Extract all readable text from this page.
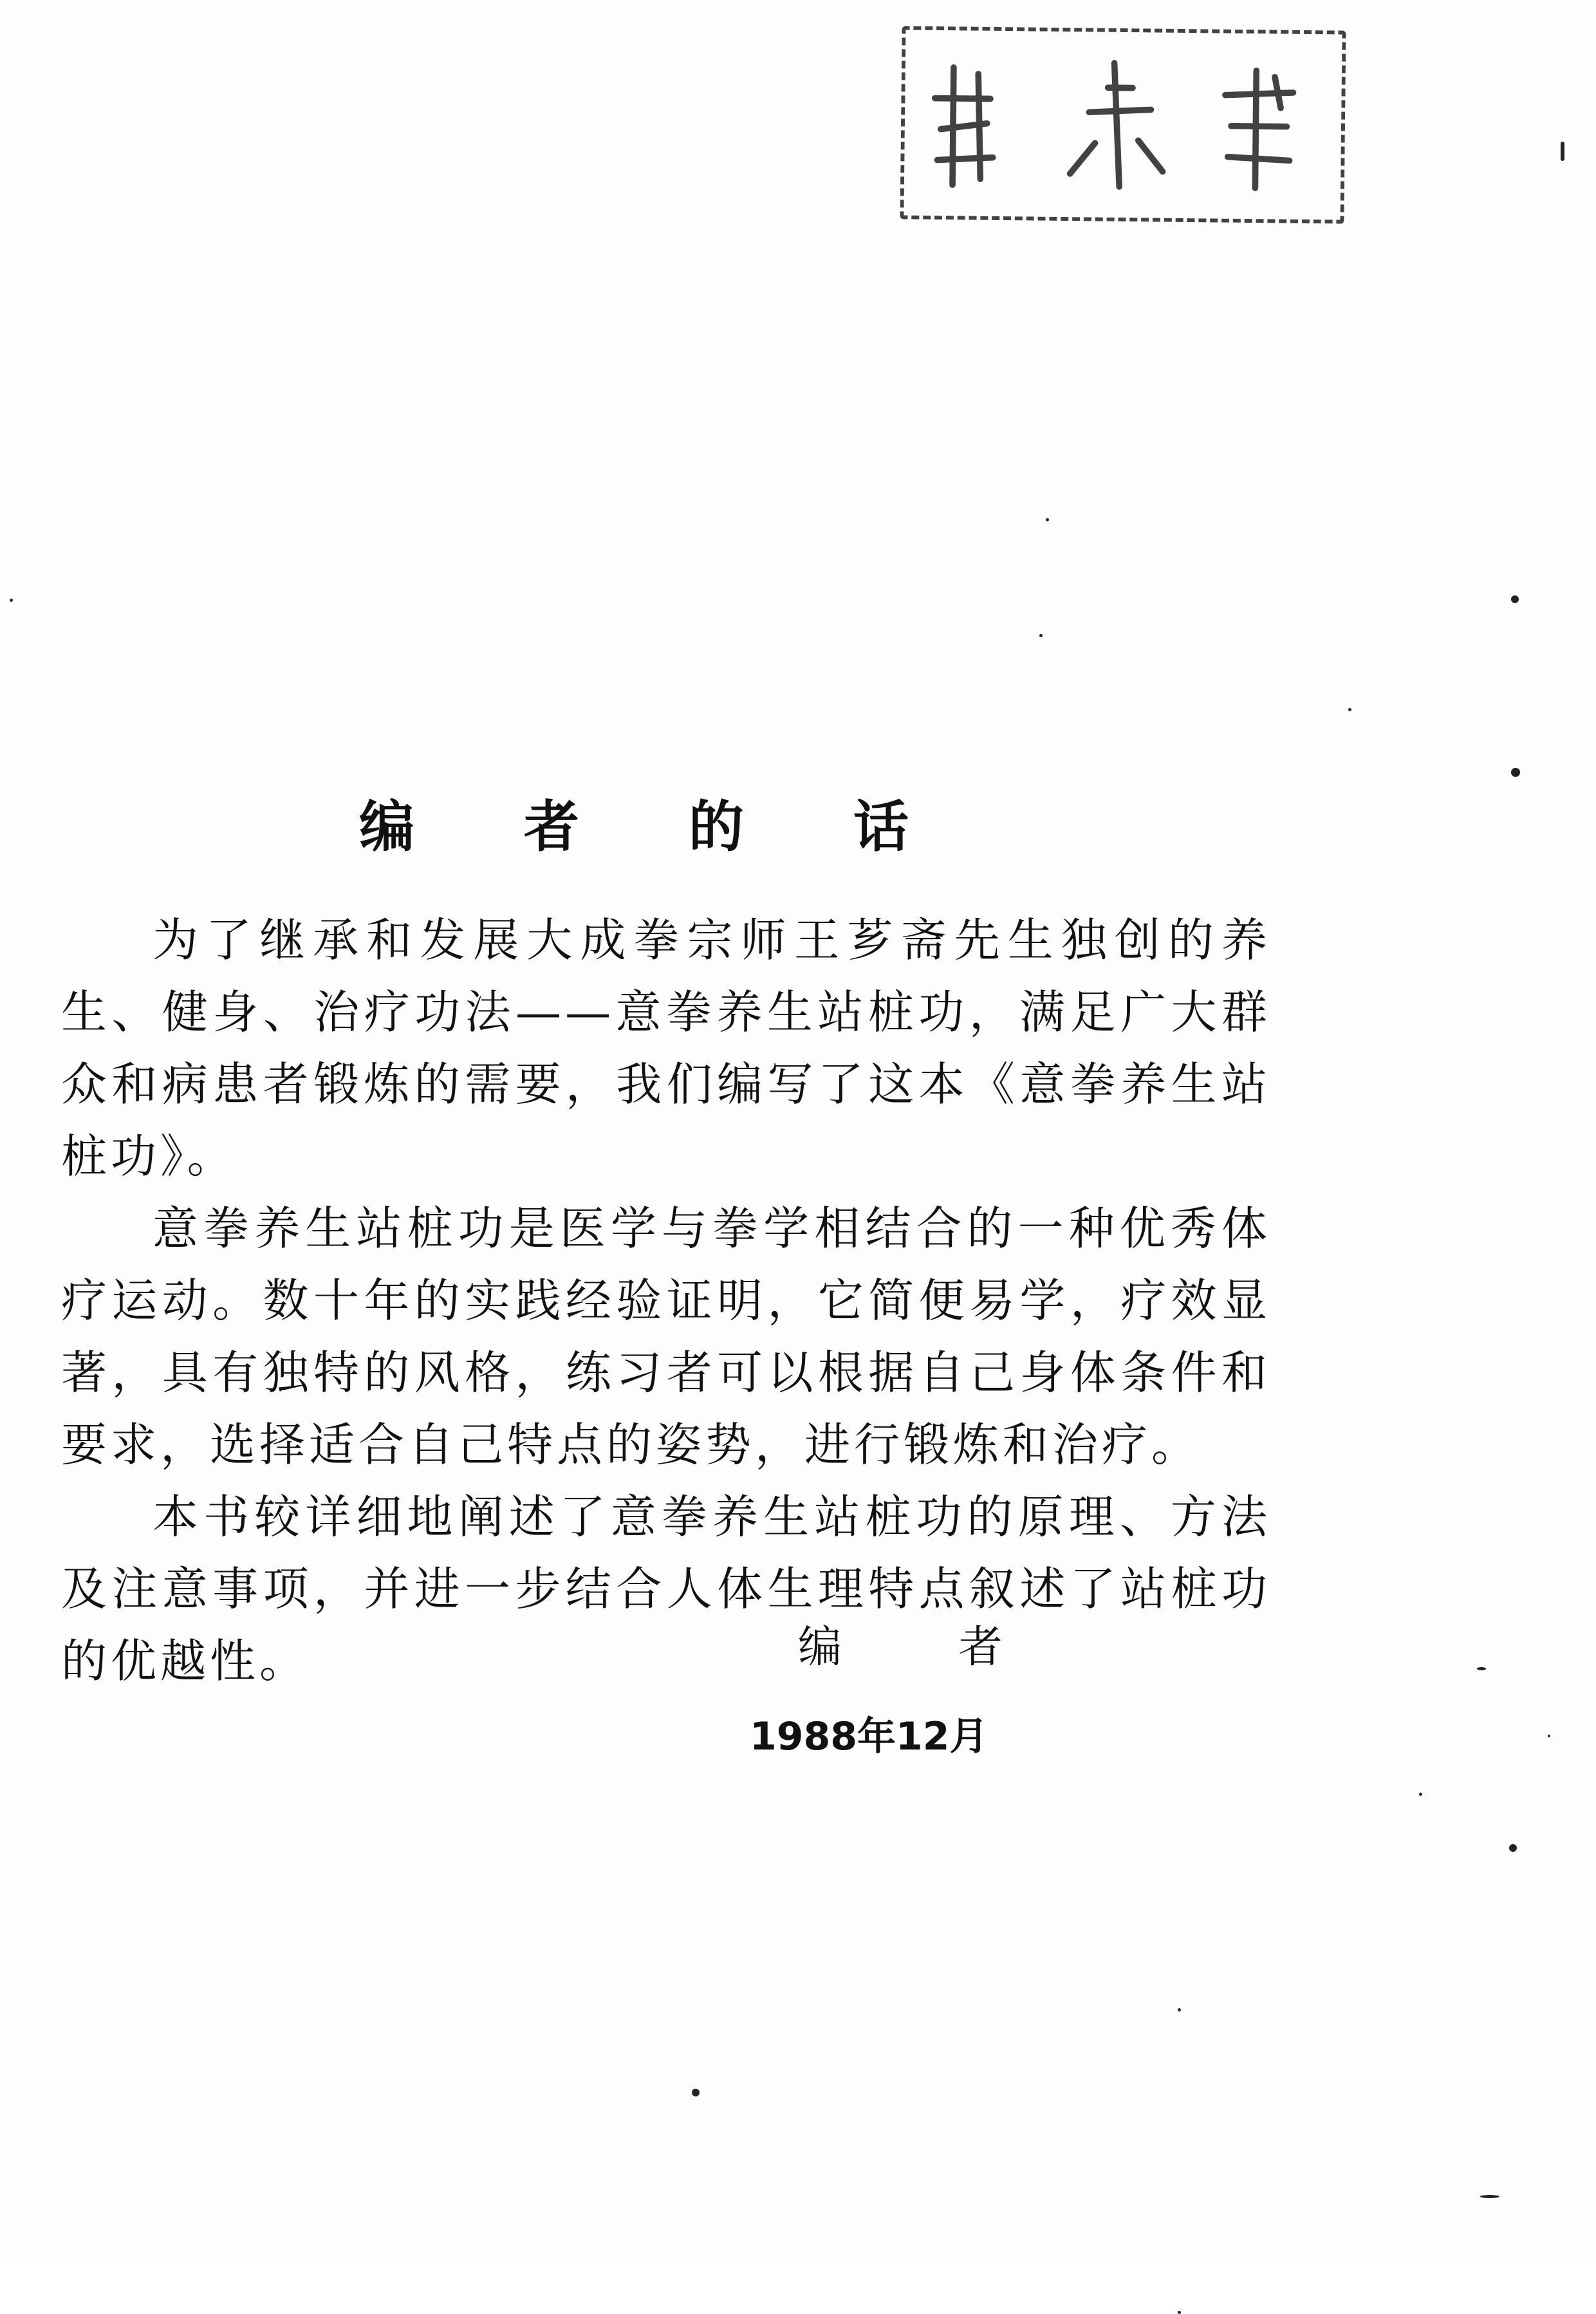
编 者 的 话

为了继承和发展大成拳宗师王芗斋先生独创的养生、健身、治疗功法——意拳养生站桩功，满足广大群众和病患者锻炼的需要，我们编写了这本《意拳养生站桩功》。

意拳养生站桩功是医学与拳学相结合的一种优秀体疗运动。数十年的实践经验证明，它简便易学，疗效显著，具有独特的风格，练习者可以根据自己身体条件和要求，选择适合自己特点的姿势，进行锻炼和治疗。

本书较详细地阐述了意拳养生站桩功的原理、方法及注意事项，并进一步结合人体生理特点叙述了站桩功的优越性。	编 者
1988年12月
